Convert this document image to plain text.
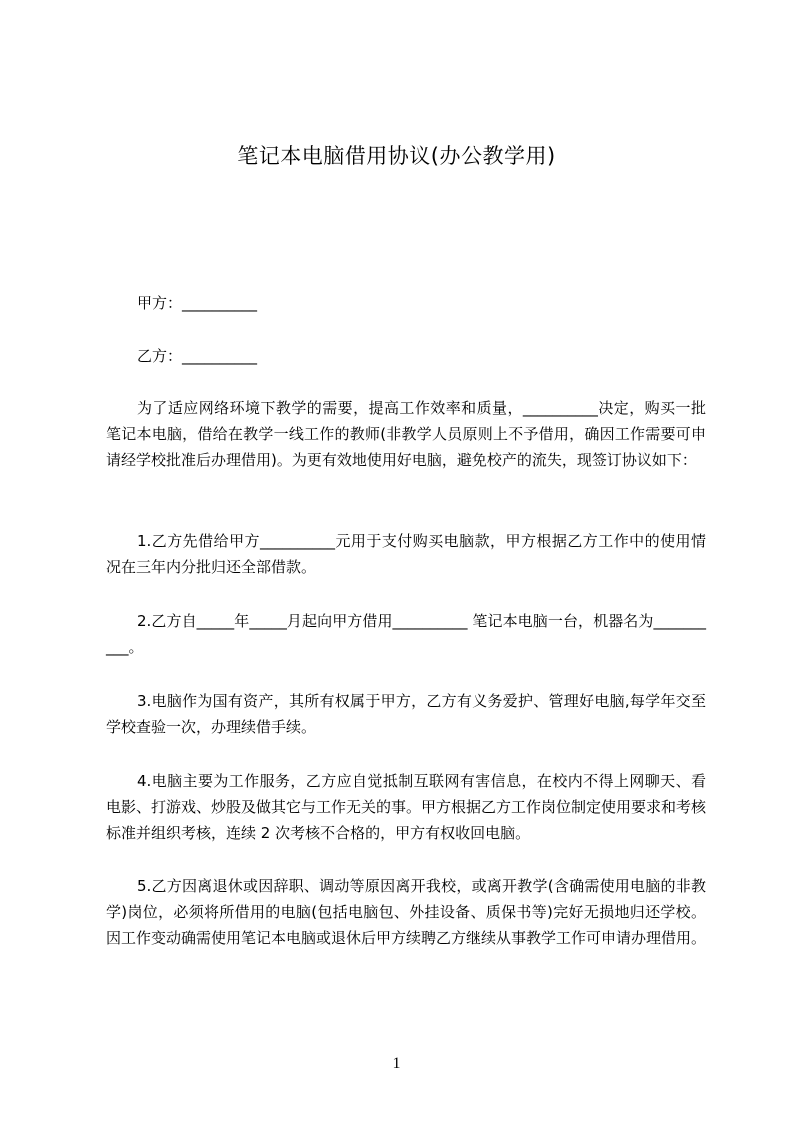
笔记本电脑借用协议(办公教学用)
甲方：__________
乙方：__________
为了适应网络环境下教学的需要，提高工作效率和质量，__________决定，购买一批笔记本电脑，借给在教学一线工作的教师(非教学人员原则上不予借用，确因工作需要可申请经学校批准后办理借用)。为更有效地使用好电脑，避免校产的流失，现签订协议如下：
1.乙方先借给甲方__________元用于支付购买电脑款，甲方根据乙方工作中的使用情况在三年内分批归还全部借款。
2.乙方自_____年_____月起向甲方借用__________ 笔记本电脑一台，机器名为__________。
3.电脑作为国有资产，其所有权属于甲方，乙方有义务爱护、管理好电脑,每学年交至学校查验一次，办理续借手续。
4.电脑主要为工作服务，乙方应自觉抵制互联网有害信息，在校内不得上网聊天、看电影、打游戏、炒股及做其它与工作无关的事。甲方根据乙方工作岗位制定使用要求和考核标准并组织考核，连续 2 次考核不合格的，甲方有权收回电脑。
5.乙方因离退休或因辞职、调动等原因离开我校，或离开教学(含确需使用电脑的非教学)岗位，必须将所借用的电脑(包括电脑包、外挂设备、质保书等)完好无损地归还学校。因工作变动确需使用笔记本电脑或退休后甲方续聘乙方继续从事教学工作可申请办理借用。
1
